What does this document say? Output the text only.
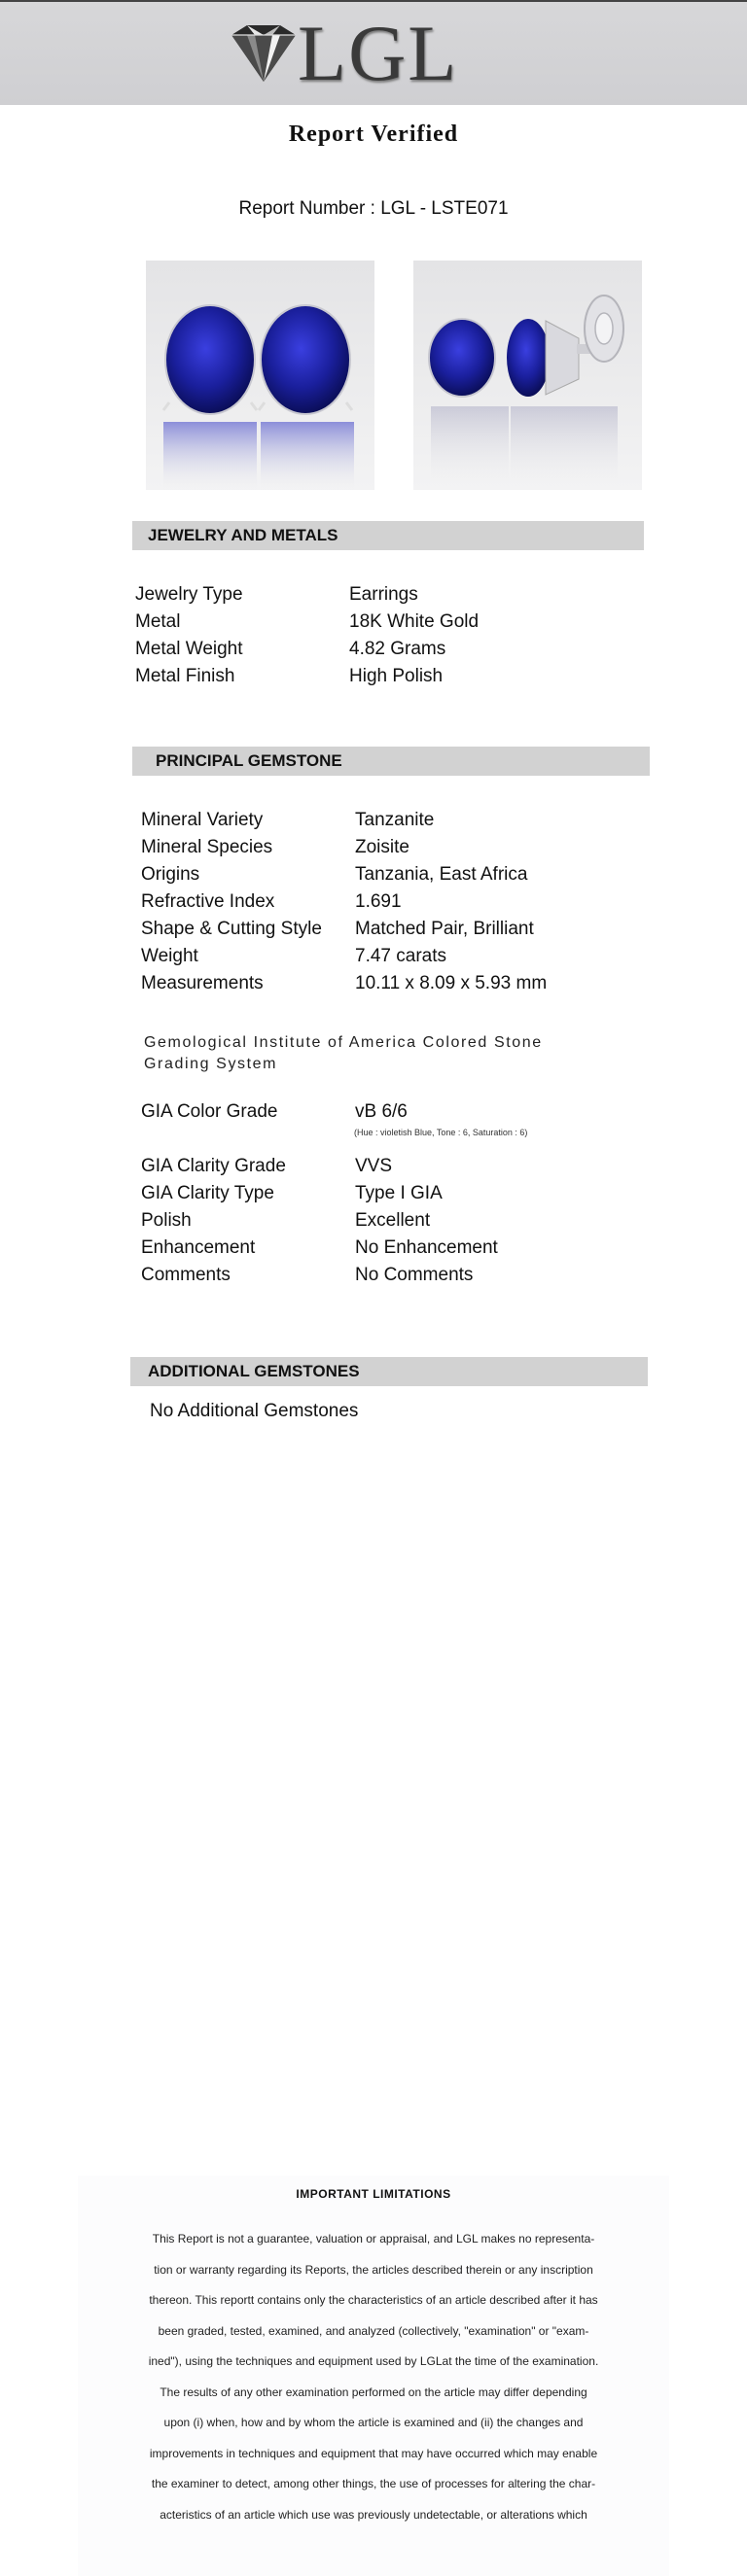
LGL
Report Verified
Report Number : LGL - LSTE071
JEWELRY AND METALS
Jewelry Type	Earrings
Metal	18K White Gold
Metal Weight	4.82 Grams
Metal Finish	High Polish
PRINCIPAL GEMSTONE
Mineral Variety	Tanzanite
Mineral Species	Zoisite
Origins	Tanzania, East Africa
Refractive Index	1.691
Shape & Cutting Style	Matched Pair, Brilliant
Weight	7.47 carats
Measurements	10.11 x 8.09 x 5.93 mm
Gemological Institute of America Colored Stone Grading System
GIA Color Grade	vB 6/6
(Hue : violetish Blue, Tone : 6, Saturation : 6)
GIA Clarity Grade	VVS
GIA Clarity Type	Type I GIA
Polish	Excellent
Enhancement	No Enhancement
Comments	No Comments
ADDITIONAL GEMSTONES
No Additional Gemstones
IMPORTANT LIMITATIONS
This Report is not a guarantee, valuation or appraisal, and LGL makes no representa-
tion or warranty regarding its Reports, the articles described therein or any inscription
thereon. This reportt contains only the characteristics of an article described after it has
been graded, tested, examined, and analyzed (collectively, "examination" or "exam-
ined"), using the techniques and equipment used by LGLat the time of the examination.
The results of any other examination performed on the article may differ depending
upon (i) when, how and by whom the article is examined and (ii) the changes and
improvements in techniques and equipment that may have occurred which may enable
the examiner to detect, among other things, the use of processes for altering the char-
acteristics of an article which use was previously undetectable, or alterations which
